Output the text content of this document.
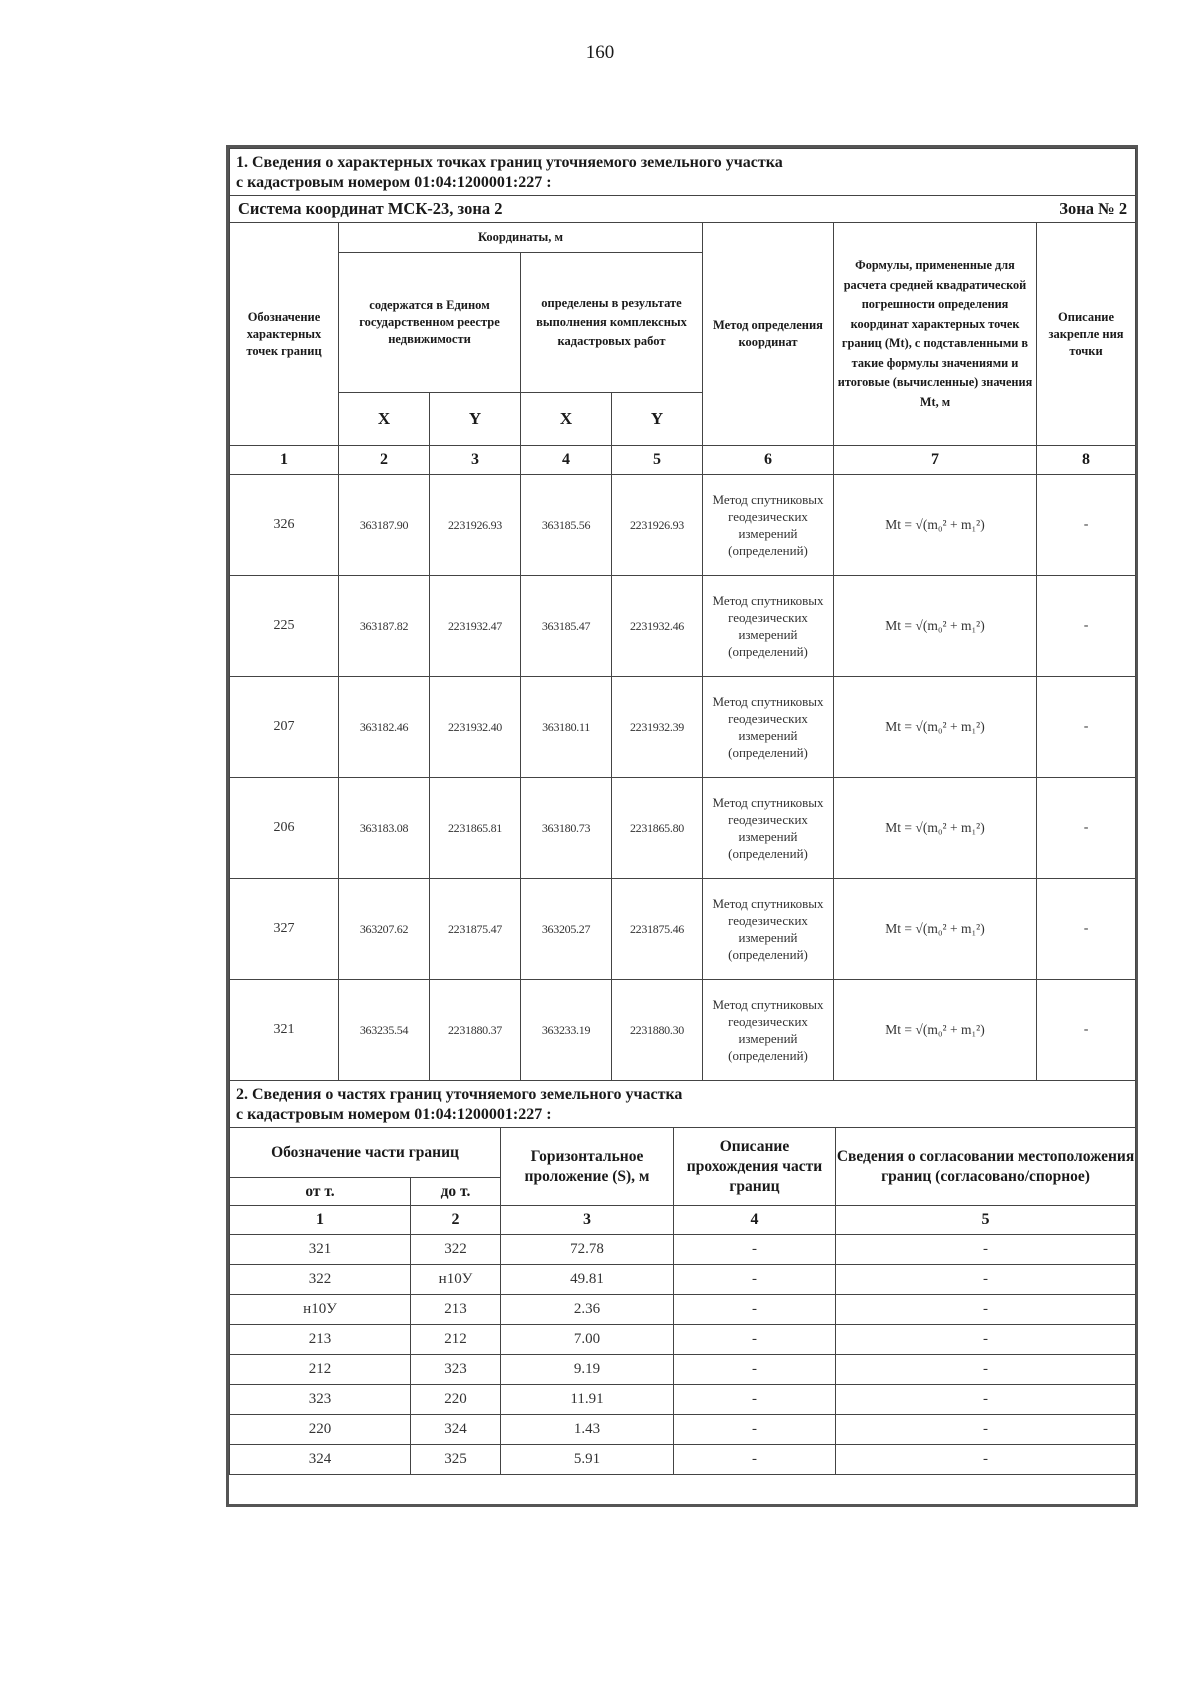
160
1. Сведения о характерных точках границ уточняемого земельного участка
с кадастровым номером 01:04:1200001:227 :							

Система координат МСК-23, зона 2						Зона № 2	
Обозначение характерных точек границ	Координаты, м				Метод определения координат	Формулы, примененные для расчета средней квадратической погрешности определения координат характерных точек границ (Mt), с подставленными в такие формулы значениями и итоговые (вычисленные) значения Mt, м	Описание закрепле ния точки
	содержатся в Едином государственном реестре недвижимости		определены в результате выполнения комплексных кадастровых работ				
	X	Y	X	Y			
1	2	3	4	5	6	7	8
326	363187.90	2231926.93	363185.56	2231926.93	Метод спутниковых геодезических измерений (определений)	Mt = √(m₀² + m₁²)	-
225	363187.82	2231932.47	363185.47	2231932.46	Метод спутниковых геодезических измерений (определений)	Mt = √(m₀² + m₁²)	-
207	363182.46	2231932.40	363180.11	2231932.39	Метод спутниковых геодезических измерений (определений)	Mt = √(m₀² + m₁²)	-
206	363183.08	2231865.81	363180.73	2231865.80	Метод спутниковых геодезических измерений (определений)	Mt = √(m₀² + m₁²)	-
327	363207.62	2231875.47	363205.27	2231875.46	Метод спутниковых геодезических измерений (определений)	Mt = √(m₀² + m₁²)	-
321	363235.54	2231880.37	363233.19	2231880.30	Метод спутниковых геодезических измерений (определений)	Mt = √(m₀² + m₁²)	-
2. Сведения о частях границ уточняемого земельного участка
с кадастровым номером 01:04:1200001:227 :				

Обозначение части границ		Горизонтальное проложение (S), м	Описание прохождения части границ	Сведения о согласовании местоположения границ (согласовано/спорное)
от т.	до т.			
1	2	3	4	5
321	322	72.78	-	-
322	н10У	49.81	-	-
н10У	213	2.36	-	-
213	212	7.00	-	-
212	323	9.19	-	-
323	220	11.91	-	-
220	324	1.43	-	-
324	325	5.91	-	-
